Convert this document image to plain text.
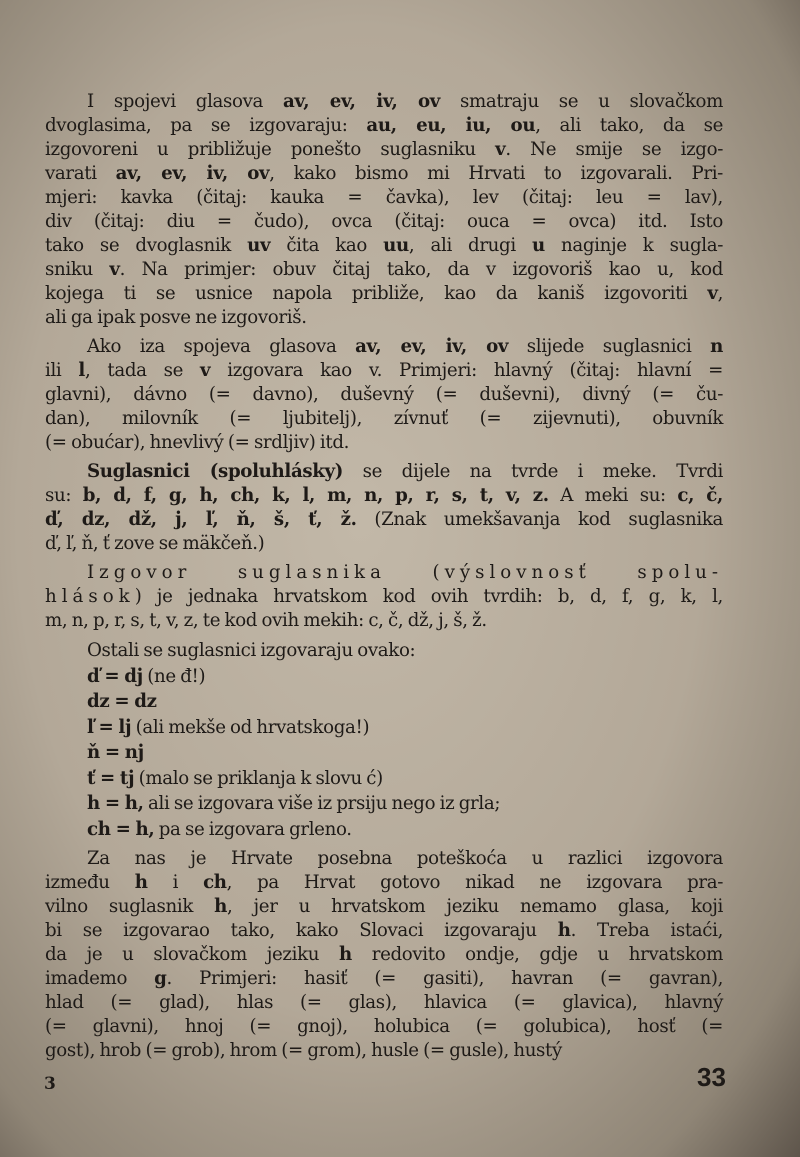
I spojevi glasova av, ev, iv, ov smatraju se u slovačkom
dvoglasima, pa se izgovaraju: au, eu, iu, ou, ali tako, da se
izgovoreni u približuje ponešto suglasniku v. Ne smije se izgo-
varati av, ev, iv, ov, kako bismo mi Hrvati to izgovarali. Pri-
mjeri: kavka (čitaj: kauka = čavka), lev (čitaj: leu = lav),
div (čitaj: diu = čudo), ovca (čitaj: ouca = ovca) itd. Isto
tako se dvoglasnik uv čita kao uu, ali drugi u naginje k sugla-
sniku v. Na primjer: obuv čitaj tako, da v izgovoriš kao u, kod
kojega ti se usnice napola približe, kao da kaniš izgovoriti v,
ali ga ipak posve ne izgovoriš.
Ako iza spojeva glasova av, ev, iv, ov slijede suglasnici n
ili l, tada se v izgovara kao v. Primjeri: hlavný (čitaj: hlavní =
glavni), dávno (= davno), duševný (= duševni), divný (= ču-
dan), milovník (= ljubitelj), zívnuť (= zijevnuti), obuvník
(= obućar), hnevlivý (= srdljiv) itd.
Suglasnici (spoluhlásky) se dijele na tvrde i meke. Tvrdi
su: b, d, f, g, h, ch, k, l, m, n, p, r, s, t, v, z. A meki su: c, č,
ď, dz, dž, j, ľ, ň, š, ť, ž. (Znak umekšavanja kod suglasnika
ď, ľ, ň, ť zove se mäkčeň.)
Izgovor suglasnika (výslovnosť spolu-
hlások) je jednaka hrvatskom kod ovih tvrdih: b, d, f, g, k, l,
m, n, p, r, s, t, v, z, te kod ovih mekih: c, č, dž, j, š, ž.
Ostali se suglasnici izgovaraju ovako:
ď = dj (ne đ!)
dz = dz
ľ = lj (ali mekše od hrvatskoga!)
ň = nj
ť = tj (malo se priklanja k slovu ć)
h = h, ali se izgovara više iz prsiju nego iz grla;
ch = h, pa se izgovara grleno.
Za nas je Hrvate posebna poteškoća u razlici izgovora
između h i ch, pa Hrvat gotovo nikad ne izgovara pra-
vilno suglasnik h, jer u hrvatskom jeziku nemamo glasa, koji
bi se izgovarao tako, kako Slovaci izgovaraju h. Treba istaći,
da je u slovačkom jeziku h redovito ondje, gdje u hrvatskom
imademo g. Primjeri: hasiť (= gasiti), havran (= gavran),
hlad (= glad), hlas (= glas), hlavica (= glavica), hlavný
(= glavni), hnoj (= gnoj), holubica (= golubica), hosť (=
gost), hrob (= grob), hrom (= grom), husle (= gusle), hustý
3	33
